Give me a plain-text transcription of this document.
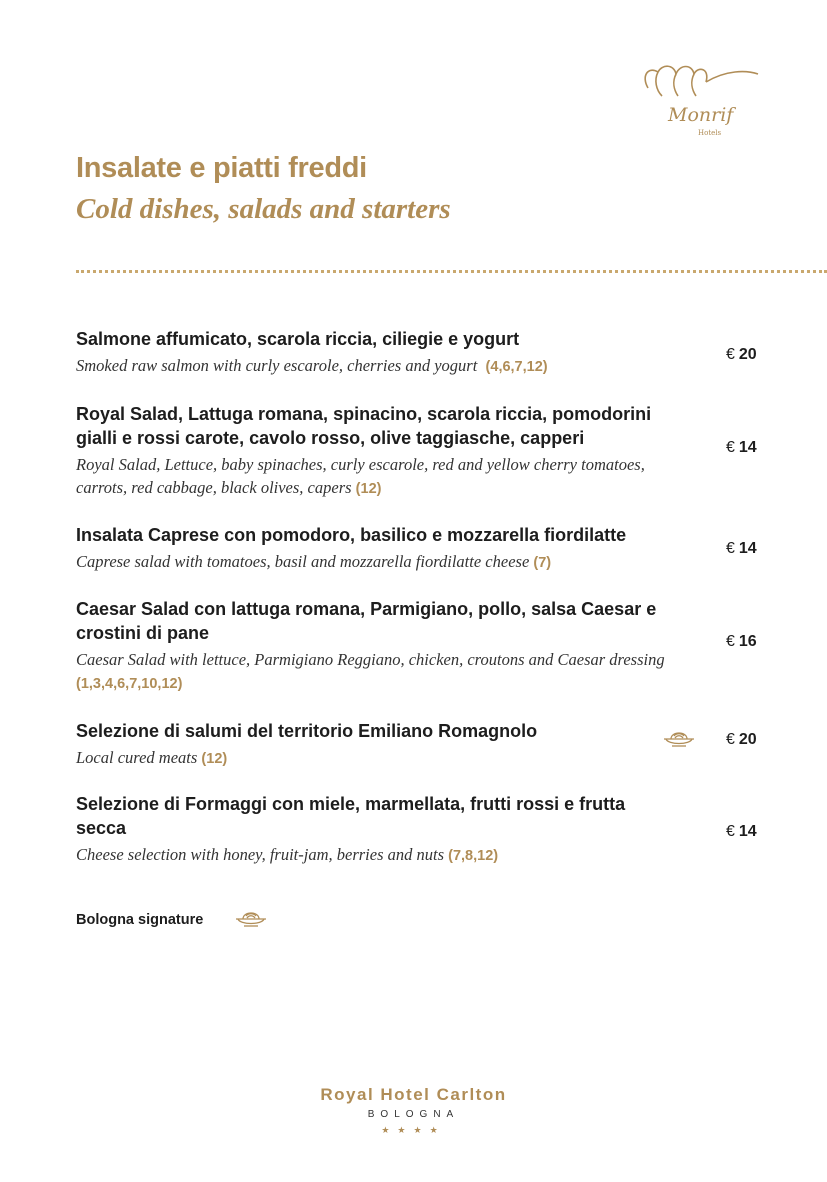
Monrif
Hotels
Insalate e piatti freddi
Cold dishes, salads and starters
Salmone affumicato, scarola riccia, ciliegie e yogurt
Smoked raw salmon with curly escarole, cherries and yogurt (4,6,7,12)
€ 20
Royal Salad, Lattuga romana, spinacino, scarola riccia, pomodorini gialli e rossi carote, cavolo rosso, olive taggiasche, capperi
Royal Salad, Lettuce, baby spinaches, curly escarole, red and yellow cherry tomatoes, carrots, red cabbage, black olives, capers (12)
€ 14
Insalata Caprese con pomodoro, basilico e mozzarella fiordilatte
Caprese salad with tomatoes, basil and mozzarella fiordilatte cheese (7)
€ 14
Caesar Salad con lattuga romana, Parmigiano, pollo, salsa Caesar e crostini di pane
Caesar Salad with lettuce, Parmigiano Reggiano, chicken, croutons and Caesar dressing (1,3,4,6,7,10,12)
€ 16
Selezione di salumi del territorio Emiliano Romagnolo
Local cured meats (12)
€ 20
Selezione di Formaggi con miele, marmellata, frutti rossi e frutta secca
Cheese selection with honey, fruit-jam, berries and nuts (7,8,12)
€ 14
Bologna signature
Royal Hotel Carlton
BOLOGNA
★★★★
